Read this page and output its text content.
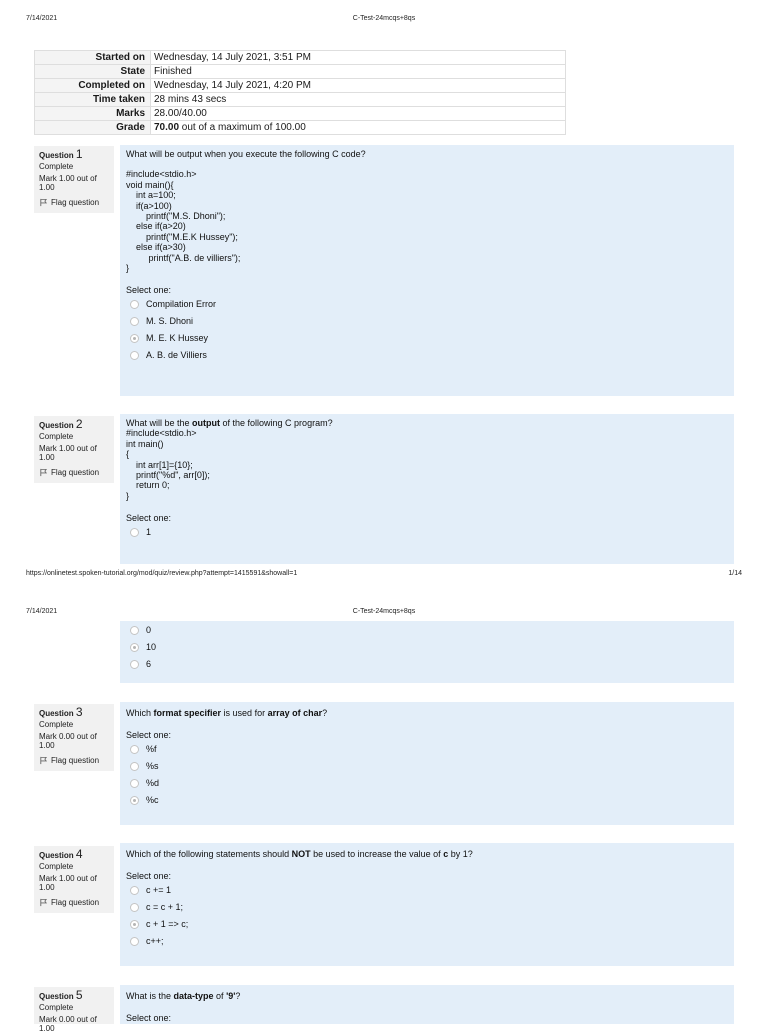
7/14/2021	C-Test-24mcqs+8qs
Started on	Wednesday, 14 July 2021, 3:51 PM
State	Finished
Completed on	Wednesday, 14 July 2021, 4:20 PM
Time taken	28 mins 43 secs
Marks	28.00/40.00
Grade	70.00 out of a maximum of 100.00
Question 1
Complete
Mark 1.00 out of 1.00
Flag question
What will be output when you execute the following C code?
#include<stdio.h>
void main(){
int a=100;
if(a>100)
printf("M.S. Dhoni");
else if(a>20)
printf("M.E.K Hussey");
else if(a>30)
printf("A.B. de villiers");
}
Select one:
Compilation Error
M. S. Dhoni
M. E. K Hussey
A. B. de Villiers
Question 2
Complete
Mark 1.00 out of 1.00
Flag question
What will be the output of the following C program?
#include<stdio.h>
int main()
{
int arr[1]={10};
printf("%d", arr[0]);
return 0;
}
Select one:
1
https://onlinetest.spoken-tutorial.org/mod/quiz/review.php?attempt=1415591&showall=1	1/14
7/14/2021	C-Test-24mcqs+8qs
0
10
6
Question 3
Complete
Mark 0.00 out of 1.00
Flag question
Which format specifier is used for array of char?
Select one:
%f
%s
%d
%c
Question 4
Complete
Mark 1.00 out of 1.00
Flag question
Which of the following statements should NOT be used to increase the value of c by 1?
Select one:
c += 1
c = c + 1;
c + 1 => c;
c++;
Question 5
Complete
Mark 0.00 out of 1.00
What is the data-type of '9'?
Select one:
